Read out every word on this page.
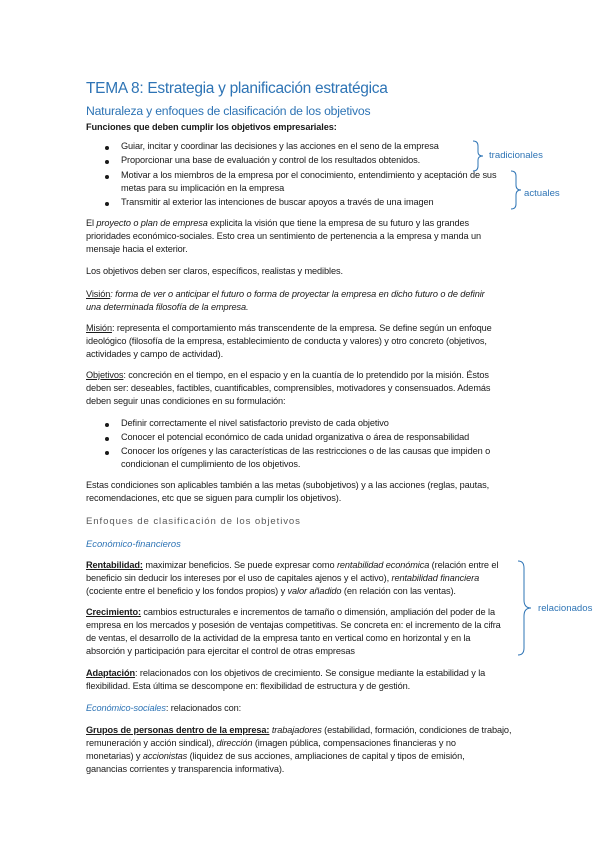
TEMA 8: Estrategia y planificación estratégica
Naturaleza y enfoques de clasificación de los objetivos
Funciones que deben cumplir los objetivos empresariales:
Guiar, incitar y coordinar las decisiones y las acciones en el seno de la empresa
Proporcionar una base de evaluación y control de los resultados obtenidos.
Motivar a los miembros de la empresa por el conocimiento, entendimiento y aceptación de sus
metas para su implicación en la empresa
Transmitir al exterior las intenciones de buscar apoyos a través de una imagen
tradicionales
actuales
El proyecto o plan de empresa explicita la visión que tiene la empresa de su futuro y las grandes
prioridades económico-sociales. Esto crea un sentimiento de pertenencia a la empresa y manda un
mensaje hacia el exterior.
Los objetivos deben ser claros, específicos, realistas y medibles.
Visión: forma de ver o anticipar el futuro o forma de proyectar la empresa en dicho futuro o de definir
una determinada filosofía de la empresa.
Misión: representa el comportamiento más transcendente de la empresa. Se define según un enfoque
ideológico (filosofía de la empresa, establecimiento de conducta y valores) y otro concreto (objetivos,
actividades y campo de actividad).
Objetivos: concreción en el tiempo, en el espacio y en la cuantía de lo pretendido por la misión. Éstos
deben ser: deseables, factibles, cuantificables, comprensibles, motivadores y consensuados. Además
deben seguir unas condiciones en su formulación:
Definir correctamente el nivel satisfactorio previsto de cada objetivo
Conocer el potencial económico de cada unidad organizativa o área de responsabilidad
Conocer los orígenes y las características de las restricciones o de las causas que impiden o
condicionan el cumplimiento de los objetivos.
Estas condiciones son aplicables también a las metas (subobjetivos) y a las acciones (reglas, pautas,
recomendaciones, etc que se siguen para cumplir los objetivos).
Enfoques de clasificación de los objetivos
Económico-financieros
Rentabilidad: maximizar beneficios. Se puede expresar como rentabilidad económica (relación entre el
beneficio sin deducir los intereses por el uso de capitales ajenos y el activo), rentabilidad financiera
(cociente entre el beneficio y los fondos propios) y valor añadido (en relación con las ventas).
Crecimiento: cambios estructurales e incrementos de tamaño o dimensión, ampliación del poder de la
empresa en los mercados y posesión de ventajas competitivas. Se concreta en: el incremento de la cifra
de ventas, el desarrollo de la actividad de la empresa tanto en vertical como en horizontal y en la
absorción y participación para ejercitar el control de otras empresas
relacionados
Adaptación: relacionados con los objetivos de crecimiento. Se consigue mediante la estabilidad y la
flexibilidad. Esta última se descompone en: flexibilidad de estructura y de gestión.
Económico-sociales: relacionados con:
Grupos de personas dentro de la empresa: trabajadores (estabilidad, formación, condiciones de trabajo,
remuneración y acción sindical), dirección (imagen pública, compensaciones financieras y no
monetarias) y accionistas (liquidez de sus acciones, ampliaciones de capital y tipos de emisión,
ganancias corrientes y transparencia informativa).
